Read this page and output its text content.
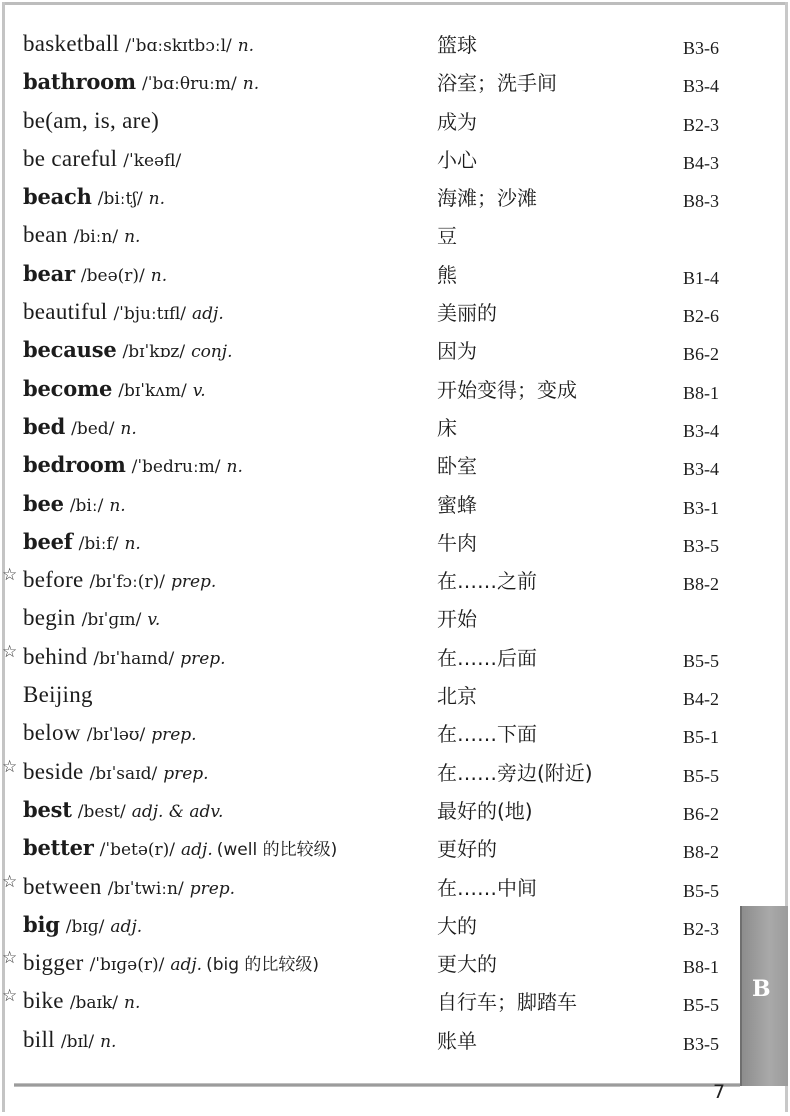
basketball /ˈbɑːskɪtbɔːl/ n.	篮球	B3-6
bathroom /ˈbɑːθruːm/ n.	浴室；洗手间	B3-4
be(am, is, are)	成为	B2-3
be careful /ˈkeəfl/	小心	B4-3
beach /biːtʃ/ n.	海滩；沙滩	B8-3
bean /biːn/ n.	豆
bear /beə(r)/ n.	熊	B1-4
beautiful /ˈbjuːtɪfl/ adj.	美丽的	B2-6
because /bɪˈkɒz/ conj.	因为	B6-2
become /bɪˈkʌm/ v.	开始变得；变成	B8-1
bed /bed/ n.	床	B3-4
bedroom /ˈbedruːm/ n.	卧室	B3-4
bee /biː/ n.	蜜蜂	B3-1
beef /biːf/ n.	牛肉	B3-5
☆ before /bɪˈfɔː(r)/ prep.	在……之前	B8-2
begin /bɪˈɡɪn/ v.	开始
☆ behind /bɪˈhaɪnd/ prep.	在……后面	B5-5
Beijing	北京	B4-2
below /bɪˈləʊ/ prep.	在……下面	B5-1
☆ beside /bɪˈsaɪd/ prep.	在……旁边(附近)	B5-5
best /best/ adj. & adv.	最好的(地)	B6-2
better /ˈbetə(r)/ adj. (well 的比较级)	更好的	B8-2
☆ between /bɪˈtwiːn/ prep.	在……中间	B5-5
big /bɪɡ/ adj.	大的	B2-3
☆ bigger /ˈbɪɡə(r)/ adj. (big 的比较级)	更大的	B8-1
☆ bike /baɪk/ n.	自行车；脚踏车	B5-5
bill /bɪl/ n.	账单	B3-5
B
7
